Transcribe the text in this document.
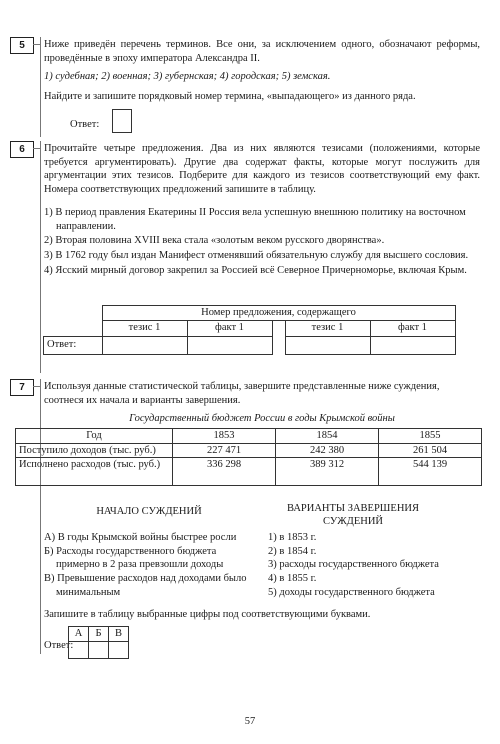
5	Ниже приведён перечень терминов. Все они, за исключением одного, обозначают реформы, проведённые в эпоху императора Александра II.

1) судебная; 2) военная; 3) губернская; 4) городская; 5) земская.

Найдите и запишите порядковый номер термина, «выпадающего» из данного ряда.

Ответ:

6	Прочитайте четыре предложения. Два из них являются тезисами (положениями, которые требуется аргументировать). Другие два содержат факты, которые могут послужить для аргументации этих тезисов. Подберите для каждого из тезисов соответствующий ему факт. Номера соответствующих предложений запишите в таблицу.

1) В период правления Екатерины II Россия вела успешную внешнюю политику на восточном направлении.
2) Вторая половина XVIII века стала «золотым веком русского дворянства».
3) В 1762 году был издан Манифест отменявший обязательную службу для высшего сословия.
4) Ясский мирный договор закрепил за Россией всё Северное Причерноморье, включая Крым.
	Номер предложения, содержащего				
	тезис 1	факт 1		тезис 1	факт 1
Ответ:					
7	Используя данные статистической таблицы, завершите представленные ниже суждения, соотнеся их начала и варианты завершения.

Государственный бюджет России в годы Крымской войны

Год	1853	1854	1855
Поступило доходов (тыс. руб.)	227 471	242 380	261 504
Исполнено расходов (тыс. руб.)	336 298	389 312	544 139

НАЧАЛО СУЖДЕНИЙ	ВАРИАНТЫ ЗАВЕРШЕНИЯ СУЖДЕНИЙ

А) В годы Крымской войны быстрее росли
Б) Расходы государственного бюджета примерно в 2 раза превзошли доходы
В) Превышение расходов над доходами было минимальным
1) в 1853 г.
2) в 1854 г.
3) расходы государственного бюджета
4) в 1855 г.
5) доходы государственного бюджета

Запишите в таблицу выбранные цифры под соответствующими буквами.

Ответ:

А	Б	В

57
